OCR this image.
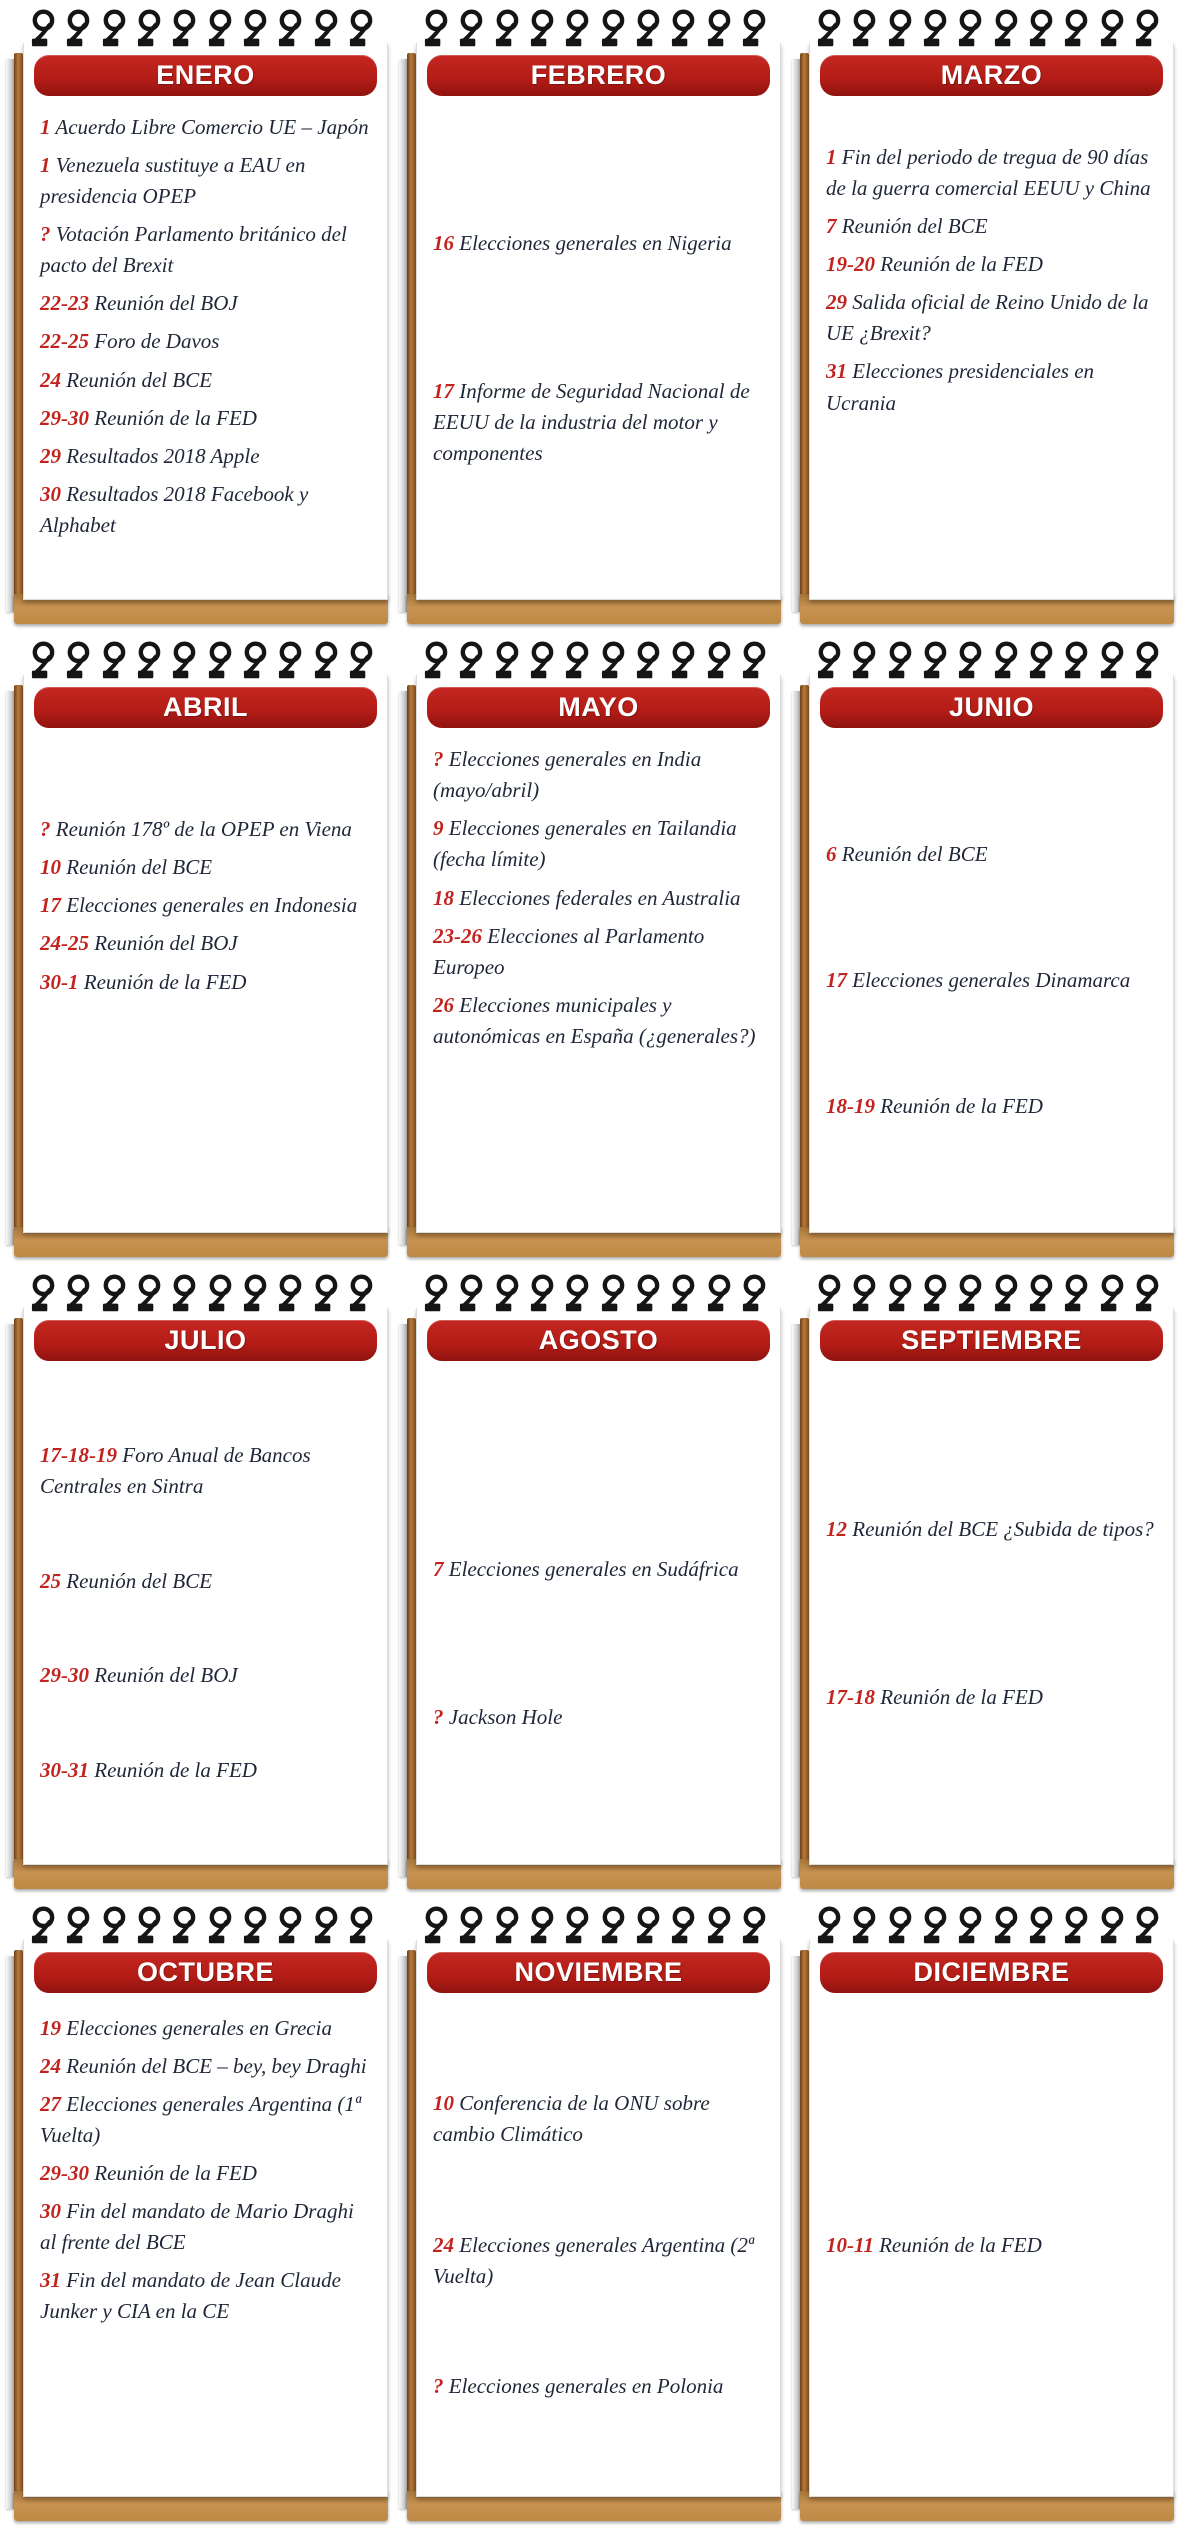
ENERO
1 Acuerdo Libre Comercio UE – Japón
1 Venezuela sustituye a EAU en presidencia OPEP
? Votación Parlamento británico del pacto del Brexit
22-23 Reunión del BOJ
22-25 Foro de Davos
24 Reunión del BCE
29-30 Reunión de la FED
29 Resultados 2018 Apple
30 Resultados 2018 Facebook y Alphabet
FEBRERO
16 Elecciones generales en Nigeria
17 Informe de Seguridad Nacional de EEUU de la industria del motor y componentes
MARZO
1 Fin del periodo de tregua de 90 días de la guerra comercial EEUU y China
7 Reunión del BCE
19-20 Reunión de la FED
29 Salida oficial de Reino Unido de la UE ¿Brexit?
31 Elecciones presidenciales en Ucrania
ABRIL
? Reunión 178º de la OPEP en Viena
10 Reunión del BCE
17 Elecciones generales en Indonesia
24-25 Reunión del BOJ
30-1 Reunión de la FED
MAYO
? Elecciones generales en India (mayo/abril)
9 Elecciones generales en Tailandia (fecha límite)
18 Elecciones federales en Australia
23-26 Elecciones al Parlamento Europeo
26 Elecciones municipales y autonómicas en España (¿generales?)
JUNIO
6 Reunión del BCE
17 Elecciones generales Dinamarca
18-19 Reunión de la FED
JULIO
17-18-19 Foro Anual de Bancos Centrales en Sintra
25 Reunión del BCE
29-30 Reunión del BOJ
30-31 Reunión de la FED
AGOSTO
7 Elecciones generales en Sudáfrica
? Jackson Hole
SEPTIEMBRE
12 Reunión del BCE ¿Subida de tipos?
17-18 Reunión de la FED
OCTUBRE
19 Elecciones generales en Grecia
24 Reunión del BCE – bey, bey Draghi
27 Elecciones generales Argentina (1ª Vuelta)
29-30 Reunión de la FED
30 Fin del mandato de Mario Draghi al frente del BCE
31 Fin del mandato de Jean Claude Junker y CIA en la CE
NOVIEMBRE
10 Conferencia de la ONU sobre cambio Climático
24 Elecciones generales Argentina (2ª Vuelta)
? Elecciones generales en Polonia
DICIEMBRE
10-11 Reunión de la FED
